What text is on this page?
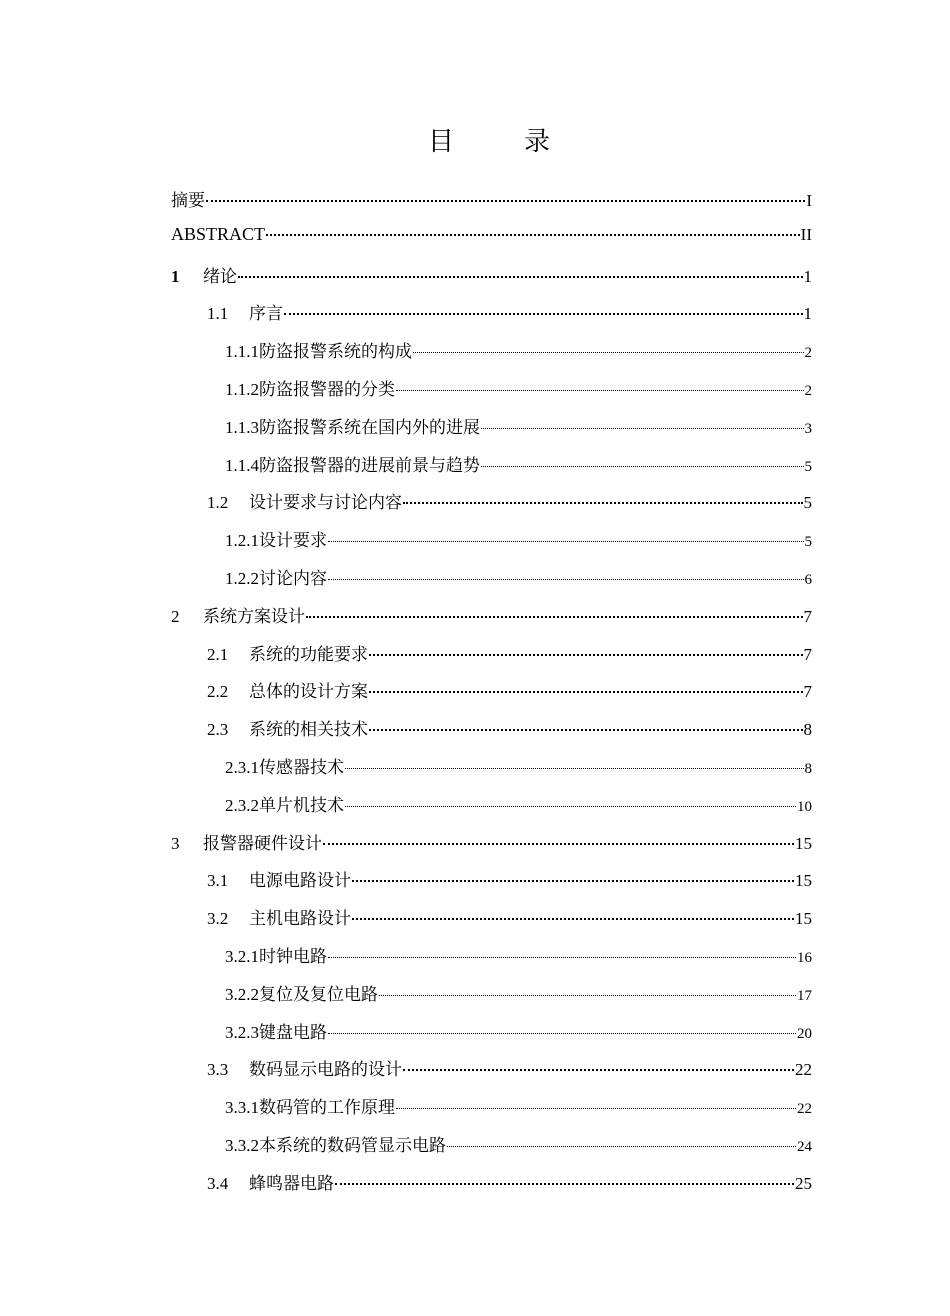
目　录
摘要	I
ABSTRACT	II
1	绪论	1
1.1	序言	1
1.1.1 防盗报警系统的构成	2
1.1.2 防盗报警器的分类	2
1.1.3 防盗报警系统在国内外的进展	3
1.1.4 防盗报警器的进展前景与趋势	5
1.2	设计要求与讨论内容	5
1.2.1 设计要求	5
1.2.2 讨论内容	6
2	系统方案设计	7
2.1	系统的功能要求	7
2.2	总体的设计方案	7
2.3	系统的相关技术	8
2.3.1 传感器技术	8
2.3.2 单片机技术	10
3	报警器硬件设计	15
3.1	电源电路设计	15
3.2	主机电路设计	15
3.2.1 时钟电路	16
3.2.2 复位及复位电路	17
3.2.3 键盘电路	20
3.3	数码显示电路的设计	22
3.3.1 数码管的工作原理	22
3.3.2 本系统的数码管显示电路	24
3.4	蜂鸣器电路	25
